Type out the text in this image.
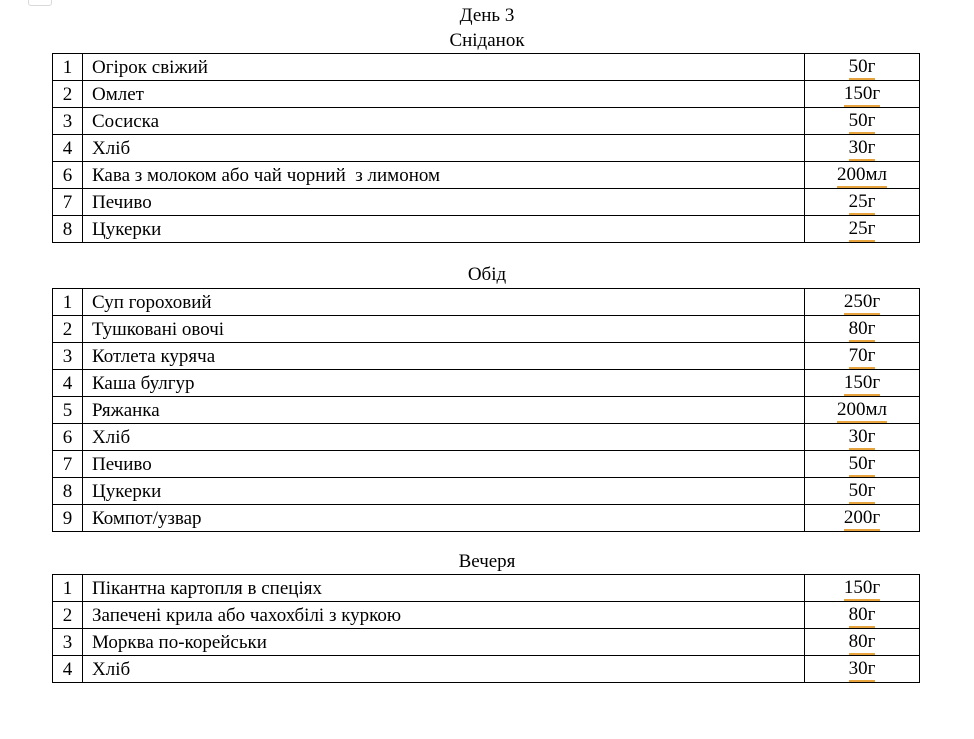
День 3
Сніданок
1	Огірок свіжий	50г
2	Омлет	150г
3	Сосиска	50г
4	Хліб	30г
6	Кава з молоком або чай чорний  з лимоном	200мл
7	Печиво	25г
8	Цукерки	25г
Обід
1	Суп гороховий	250г
2	Тушковані овочі	80г
3	Котлета куряча	70г
4	Каша булгур	150г
5	Ряжанка	200мл
6	Хліб	30г
7	Печиво	50г
8	Цукерки	50г
9	Компот/узвар	200г
Вечеря
1	Пікантна картопля в спеціях	150г
2	Запечені крила або чахохбілі з куркою	80г
3	Морква по-корейськи	80г
4	Хліб	30г
